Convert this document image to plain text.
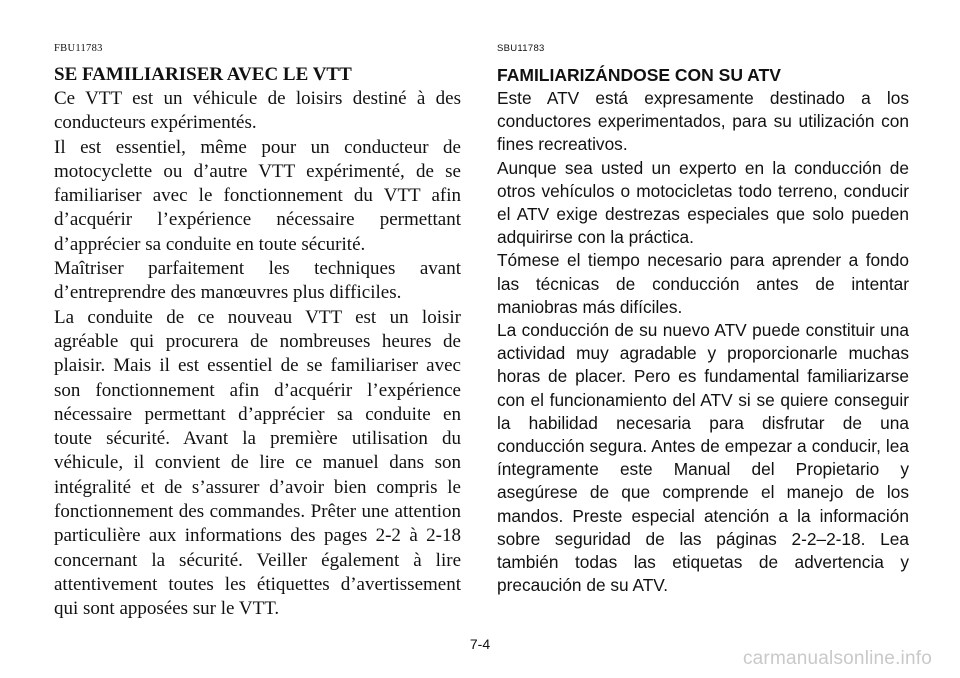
FBU11783
SE FAMILIARISER AVEC LE VTT

Ce VTT est un véhicule de loisirs destiné à des conducteurs expérimentés.

Il est essentiel, même pour un conducteur de motocyclette ou d’autre VTT expérimenté, de se familiariser avec le fonctionnement du VTT afin d’acquérir l’expérience nécessaire permettant d’apprécier sa conduite en toute sécurité.

Maîtriser parfaitement les techniques avant d’entreprendre des manœuvres plus difficiles.

La conduite de ce nouveau VTT est un loisir agréable qui procurera de nombreuses heures de plaisir. Mais il est essentiel de se familiariser avec son fonctionnement afin d’acquérir l’expérience nécessaire permettant d’apprécier sa conduite en toute sécurité. Avant la première utilisation du véhicule, il convient de lire ce manuel dans son intégralité et de s’assurer d’avoir bien compris le fonctionnement des commandes. Prêter une attention particulière aux informations des pages 2-2 à 2-18 concernant la sécurité. Veiller également à lire attentivement toutes les étiquettes d’avertissement qui sont apposées sur le VTT.

SBU11783
FAMILIARIZÁNDOSE CON SU ATV

Este ATV está expresamente destinado a los conductores experimentados, para su utilización con fines recreativos.

Aunque sea usted un experto en la conducción de otros vehículos o motocicletas todo terreno, conducir el ATV exige destrezas especiales que solo pueden adquirirse con la práctica.

Tómese el tiempo necesario para aprender a fondo las técnicas de conducción antes de intentar maniobras más difíciles.

La conducción de su nuevo ATV puede constituir una actividad muy agradable y proporcionarle muchas horas de placer. Pero es fundamental familiarizarse con el funcionamiento del ATV si se quiere conseguir la habilidad necesaria para disfrutar de una conducción segura. Antes de empezar a conducir, lea íntegramente este Manual del Propietario y asegúrese de que comprende el manejo de los mandos. Preste especial atención a la información sobre seguridad de las páginas 2-2–2-18. Lea también todas las etiquetas de advertencia y precaución de su ATV.

7-4
carmanualsonline.info
